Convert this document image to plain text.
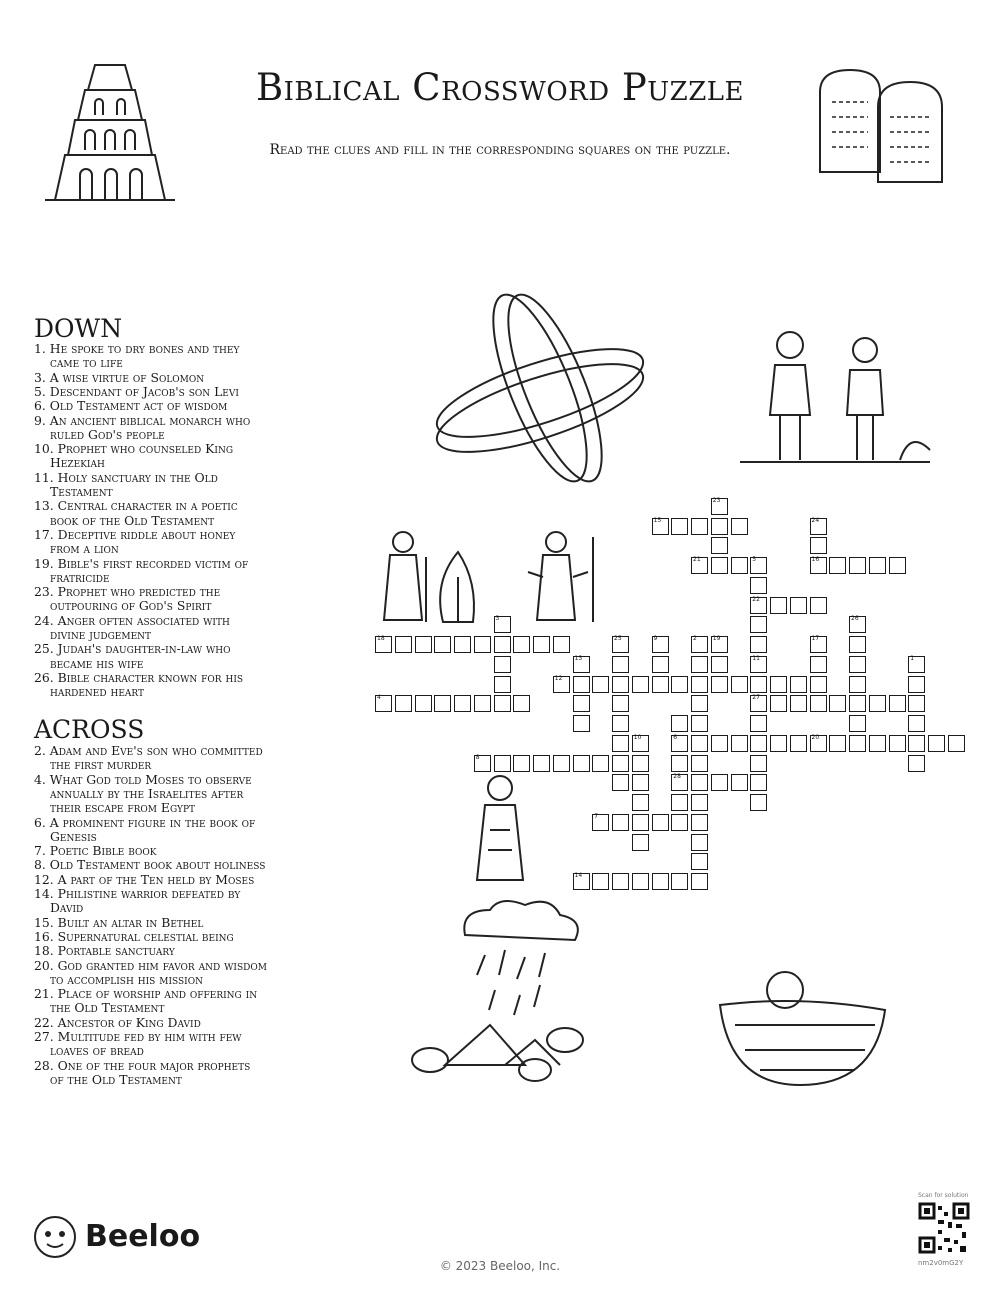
Biblical Crossword Puzzle
Read the clues and fill in the corresponding squares on the puzzle.
DOWN
1. He spoke to dry bones and they
came to life
3. A wise virtue of Solomon
5. Descendant of Jacob's son Levi
6. Old Testament act of wisdom
9. An ancient biblical monarch who
ruled God's people
10. Prophet who counseled King
Hezekiah
11. Holy sanctuary in the Old
Testament
13. Central character in a poetic
book of the Old Testament
17. Deceptive riddle about honey
from a lion
19. Bible's first recorded victim of
fratricide
23. Prophet who predicted the
outpouring of God's Spirit
24. Anger often associated with
divine judgement
25. Judah's daughter-in-law who
became his wife
26. Bible character known for his
hardened heart
ACROSS
2. Adam and Eve's son who committed
the first murder
4. What God told Moses to observe
annually by the Israelites after
their escape from Egypt
6. A prominent figure in the book of
Genesis
7. Poetic Bible book
8. Old Testament book about holiness
12. A part of the Ten held by Moses
14. Philistine warrior defeated by
David
15. Built an altar in Bethel
16. Supernatural celestial being
18. Portable sanctuary
20. God granted him favor and wisdom
to accomplish his mission
21. Place of worship and offering in
the Old Testament
22. Ancestor of King David
27. Multitude fed by him with few
loaves of bread
28. One of the four major prophets
of the Old Testament
1
2
3
4
5
6
7
8
9
10
11
12
13
14
15
16
17
18	19
20
21
22
23
24
25
26
27
28
Beeloo
© 2023 Beeloo, Inc.
Scan for solution
nm2v0mG2Y
